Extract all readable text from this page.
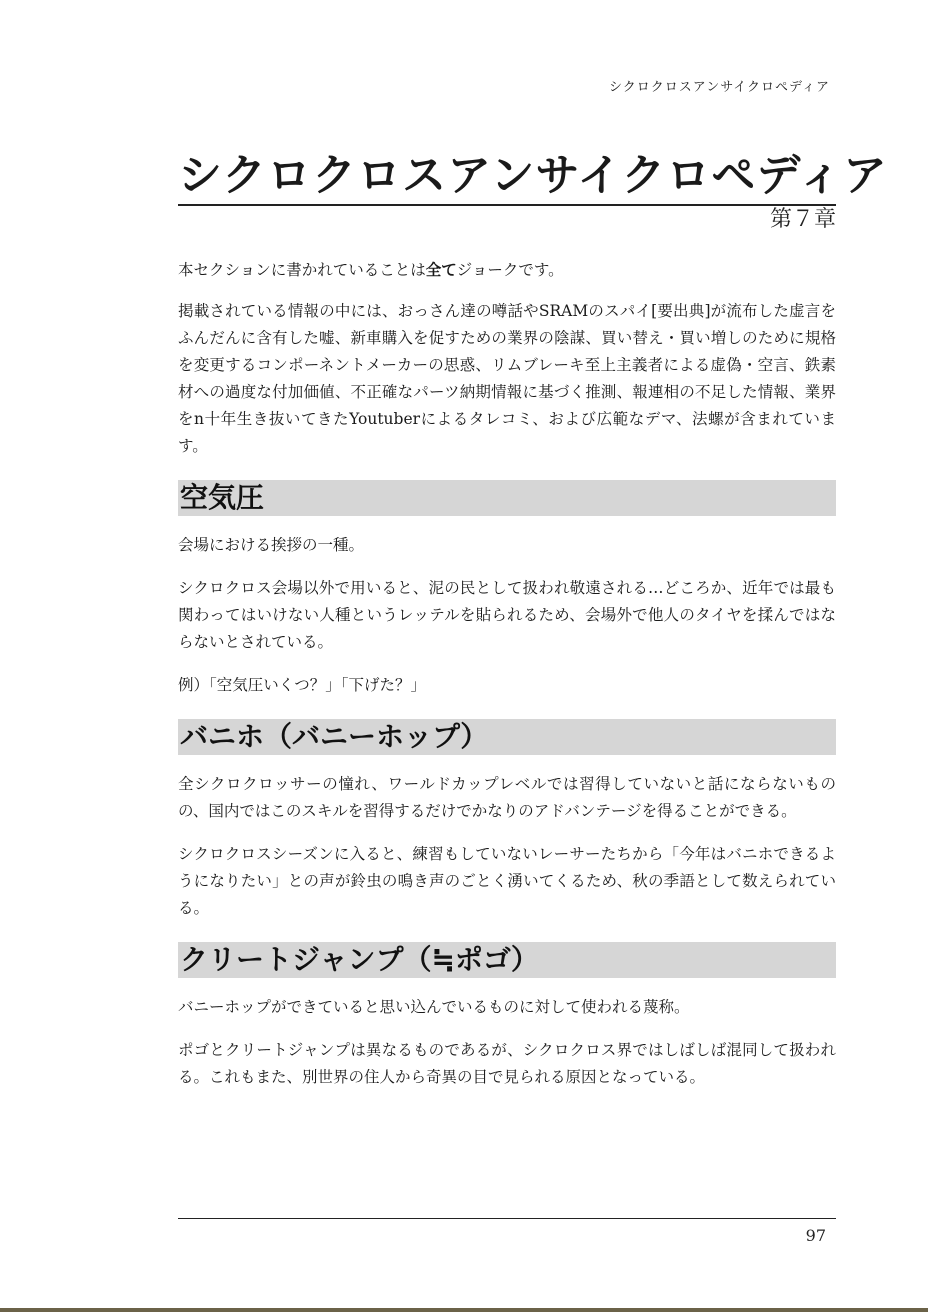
シクロクロスアンサイクロペディア
シクロクロスアンサイクロペディア
第７章

本セクションに書かれていることは全てジョークです。

掲載されている情報の中には、おっさん達の噂話やSRAMのスパイ[要出典]が流布した虚言をふんだんに含有した嘘、新車購入を促すための業界の陰謀、買い替え・買い増しのために規格を変更するコンポーネントメーカーの思惑、リムブレーキ至上主義者による虚偽・空言、鉄素材への過度な付加価値、不正確なパーツ納期情報に基づく推測、報連相の不足した情報、業界をn十年生き抜いてきたYoutuberによるタレコミ、および広範なデマ、法螺が含まれています。

空気圧

会場における挨拶の一種。

シクロクロス会場以外で用いると、泥の民として扱われ敬遠される…どころか、近年では最も関わってはいけない人種というレッテルを貼られるため、会場外で他人のタイヤを揉んではならないとされている。

例）「空気圧いくつ？」「下げた？」

バニホ（バニーホップ）

全シクロクロッサーの憧れ、ワールドカップレベルでは習得していないと話にならないものの、国内ではこのスキルを習得するだけでかなりのアドバンテージを得ることができる。

シクロクロスシーズンに入ると、練習もしていないレーサーたちから「今年はバニホできるようになりたい」との声が鈴虫の鳴き声のごとく湧いてくるため、秋の季語として数えられている。

クリートジャンプ（≒ポゴ）

バニーホップができていると思い込んでいるものに対して使われる蔑称。

ポゴとクリートジャンプは異なるものであるが、シクロクロス界ではしばしば混同して扱われる。これもまた、別世界の住人から奇異の目で見られる原因となっている。

97
